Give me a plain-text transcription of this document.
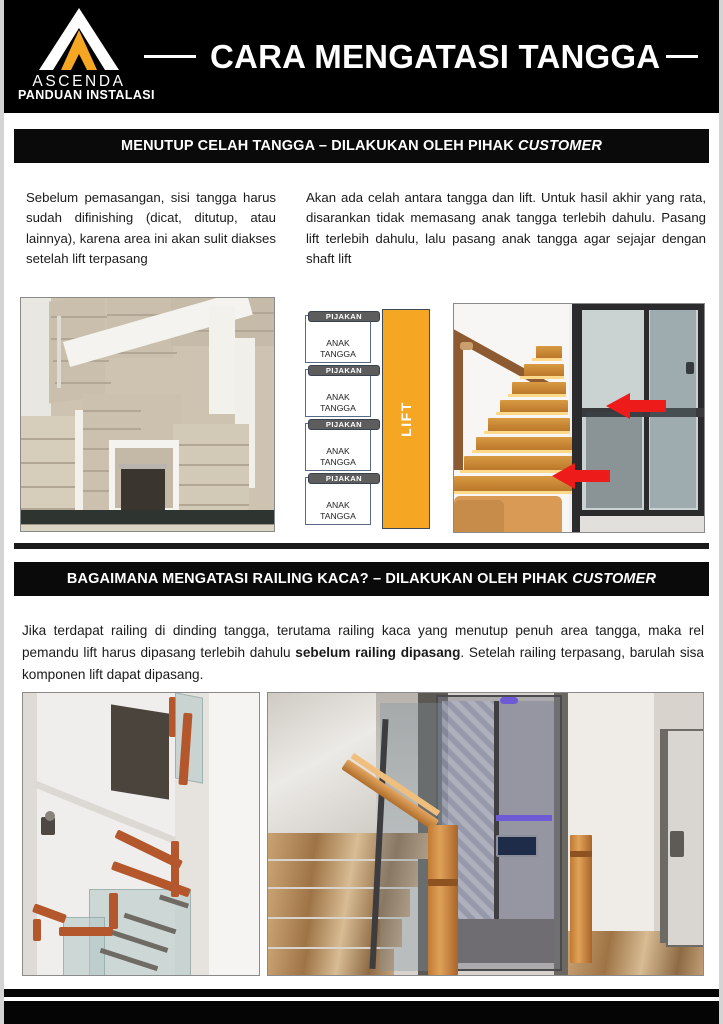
ASCENDA
PANDUAN INSTALASI
CARA MENGATASI TANGGA
MENUTUP CELAH TANGGA – DILAKUKAN OLEH PIHAK CUSTOMER
Sebelum pemasangan, sisi tangga harus sudah difinishing (dicat, ditutup, atau lainnya), karena area ini akan sulit diakses setelah lift terpasang
Akan ada celah antara tangga dan lift. Untuk hasil akhir yang rata, disarankan tidak memasang anak tangga terlebih dahulu. Pasang lift terlebih dahulu, lalu pasang anak tangga agar sejajar dengan shaft lift
ANAK
TANGGA
PIJAKAN
ANAK
TANGGA
PIJAKAN
ANAK
TANGGA
PIJAKAN
ANAK
TANGGA
PIJAKAN
LIFT
BAGAIMANA MENGATASI RAILING KACA? – DILAKUKAN OLEH PIHAK CUSTOMER
Jika terdapat railing di dinding tangga, terutama railing kaca yang menutup penuh area tangga, maka rel pemandu lift harus dipasang terlebih dahulu sebelum railing dipasang. Setelah railing terpasang, barulah sisa komponen lift dapat dipasang.
